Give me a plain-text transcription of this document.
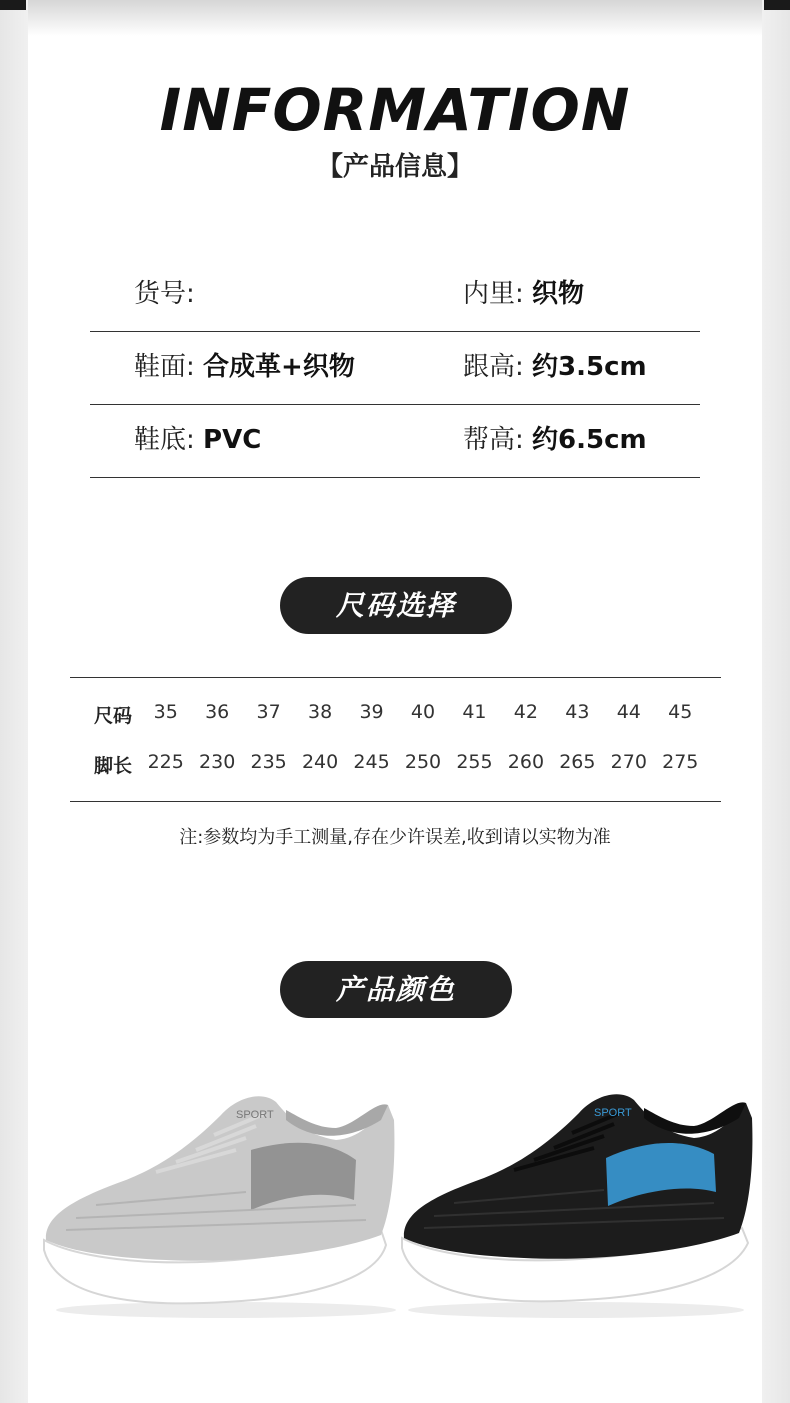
INFORMATION
【产品信息】
货号:	内里: 织物
鞋面: 合成革+织物	跟高: 约3.5cm
鞋底: PVC	帮高: 约6.5cm
尺码选择
尺码	35	36	37	38	39	40	41	42	43	44	45
脚长 225 230 235 240 245 250 255 260 265 270 275
注:参数均为手工测量,存在少许误差,收到请以实物为准
产品颜色
SPORT	SPORT
